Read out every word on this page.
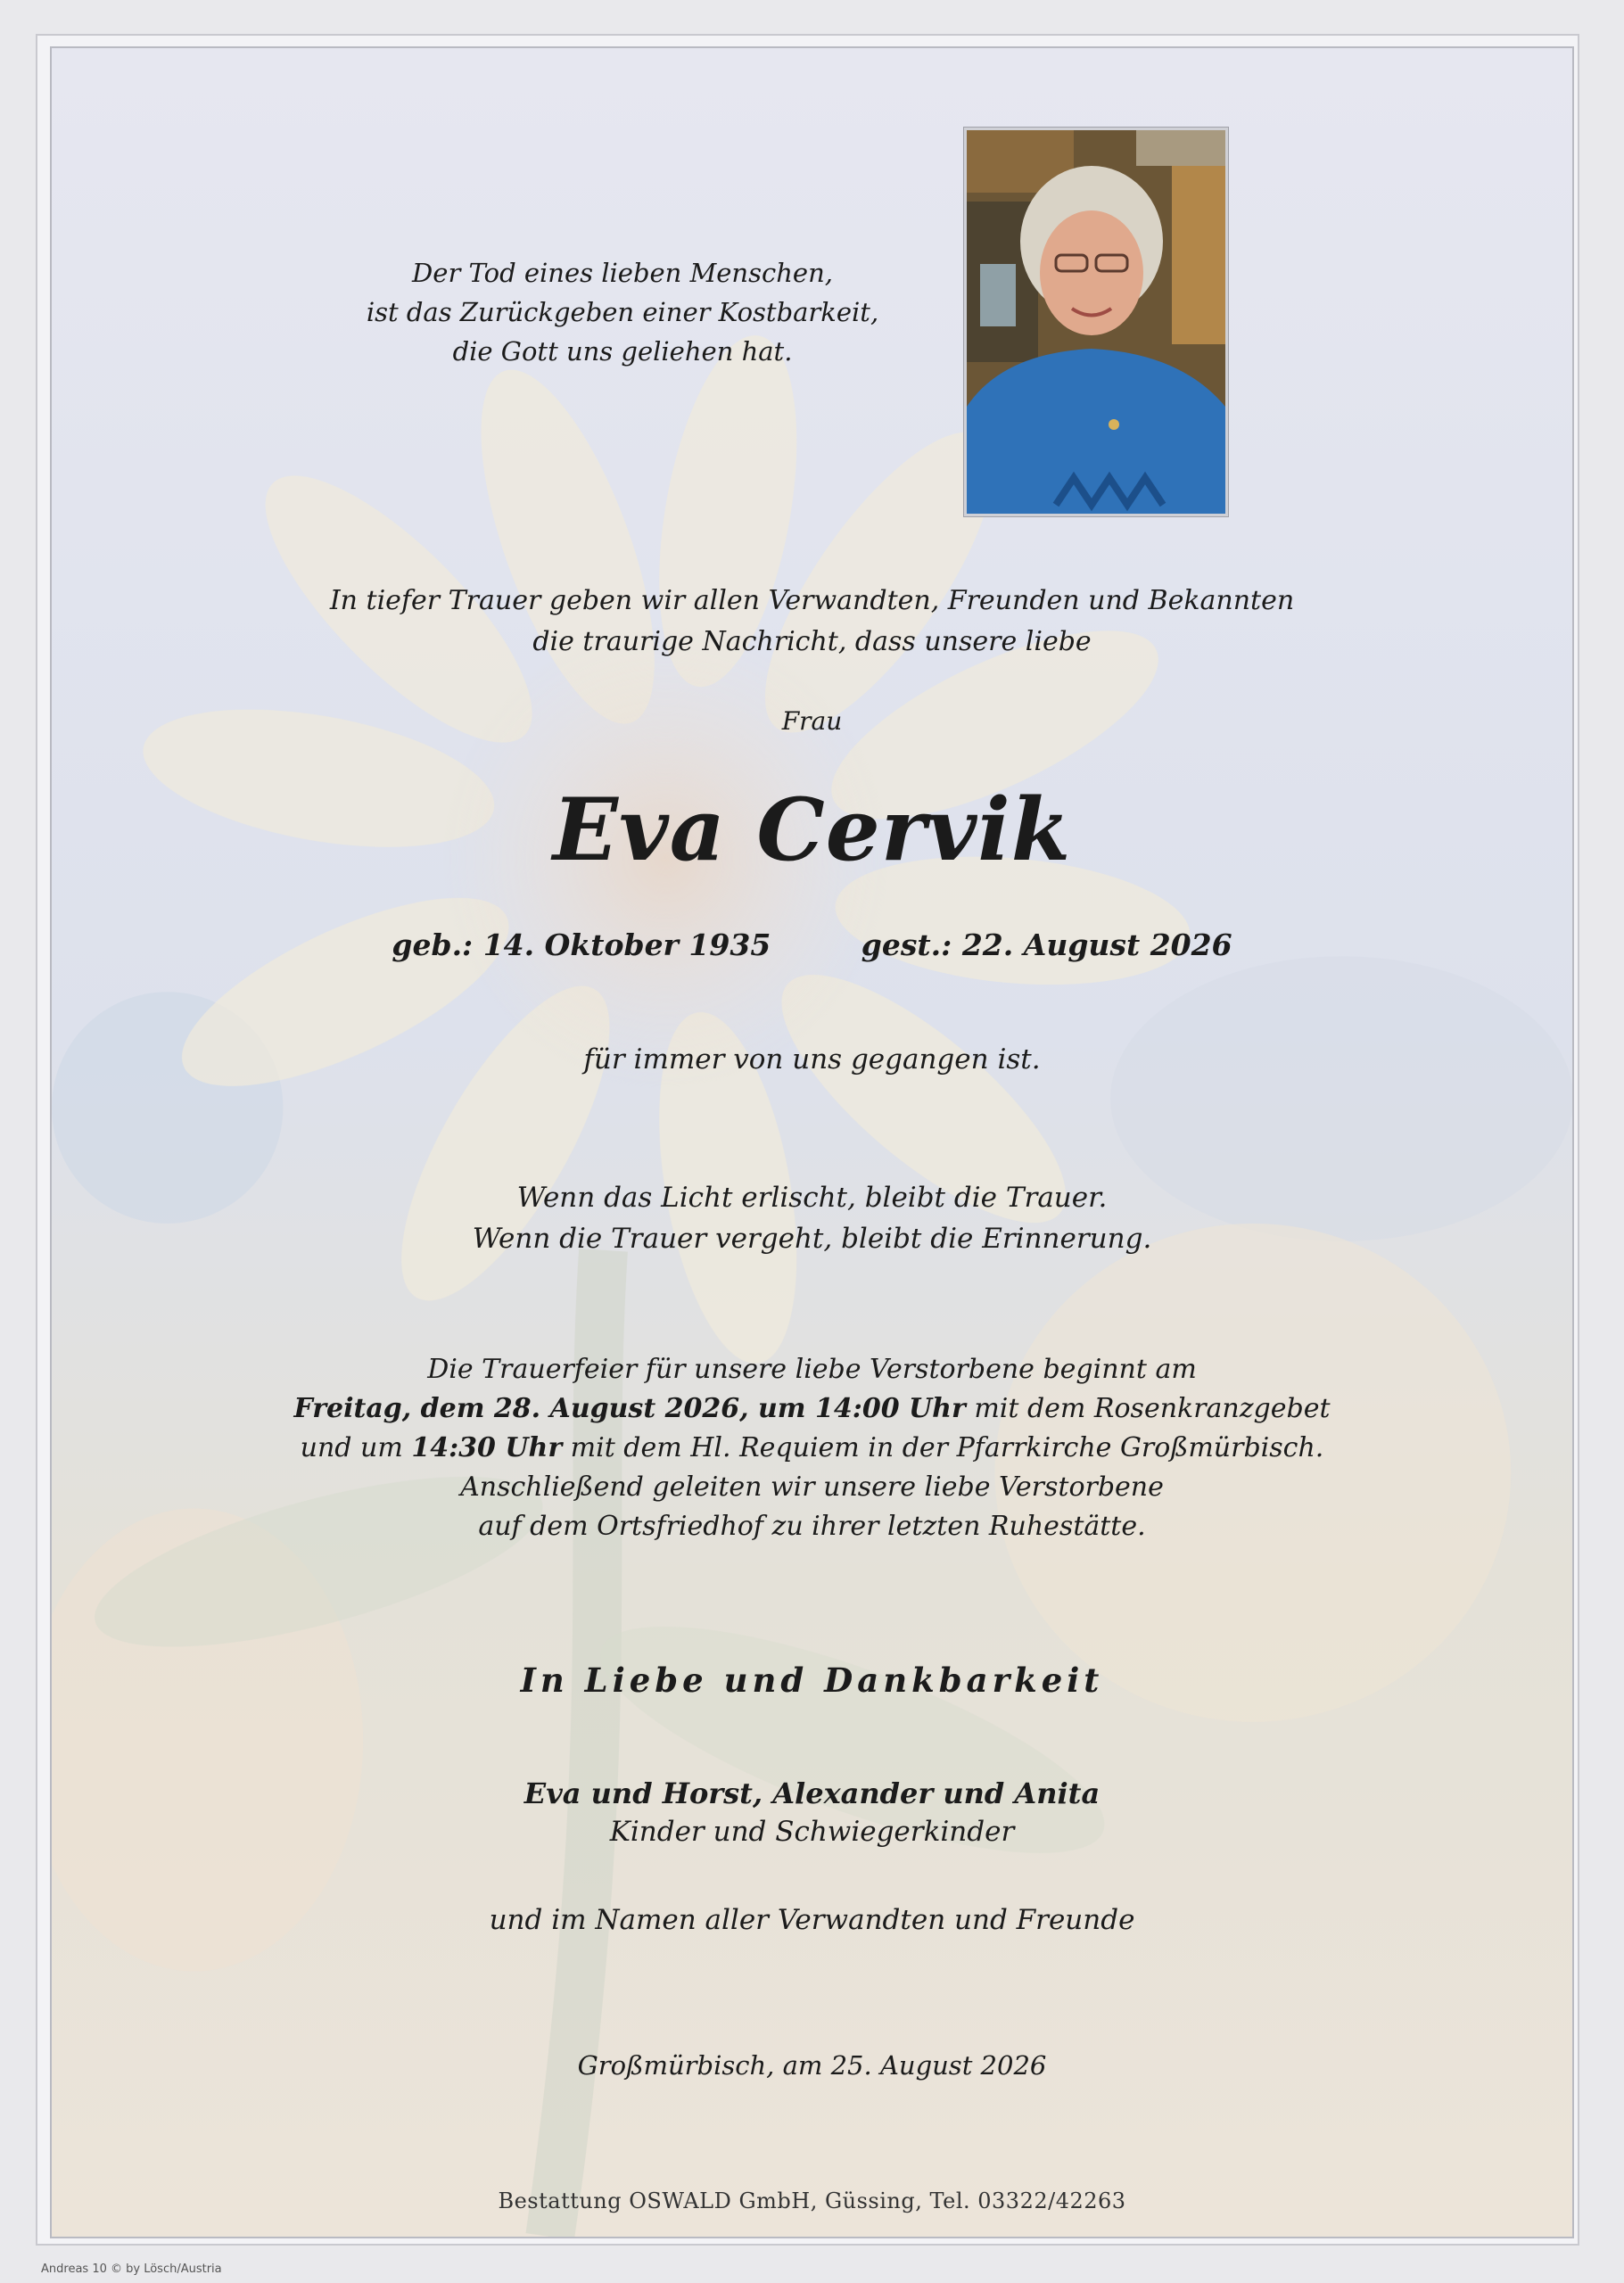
Der Tod eines lieben Menschen,
ist das Zurückgeben einer Kostbarkeit,
die Gott uns geliehen hat.
In tiefer Trauer geben wir allen Verwandten, Freunden und Bekannten
die traurige Nachricht, dass unsere liebe
Frau
Eva Cervik
geb.: 14. Oktober 1935	gest.: 22. August 2026
für immer von uns gegangen ist.
Wenn das Licht erlischt, bleibt die Trauer.
Wenn die Trauer vergeht, bleibt die Erinnerung.
Die Trauerfeier für unsere liebe Verstorbene beginnt am
Freitag, dem 28. August 2026, um 14:00 Uhr mit dem Rosenkranzgebet
und um 14:30 Uhr mit dem Hl. Requiem in der Pfarrkirche Großmürbisch.
Anschließend geleiten wir unsere liebe Verstorbene
auf dem Ortsfriedhof zu ihrer letzten Ruhestätte.
In Liebe und Dankbarkeit
Eva und Horst, Alexander und Anita
Kinder und Schwiegerkinder
und im Namen aller Verwandten und Freunde
Großmürbisch, am 25. August 2026
Bestattung OSWALD GmbH, Güssing, Tel. 03322/42263
Andreas 10 © by Lösch/Austria
